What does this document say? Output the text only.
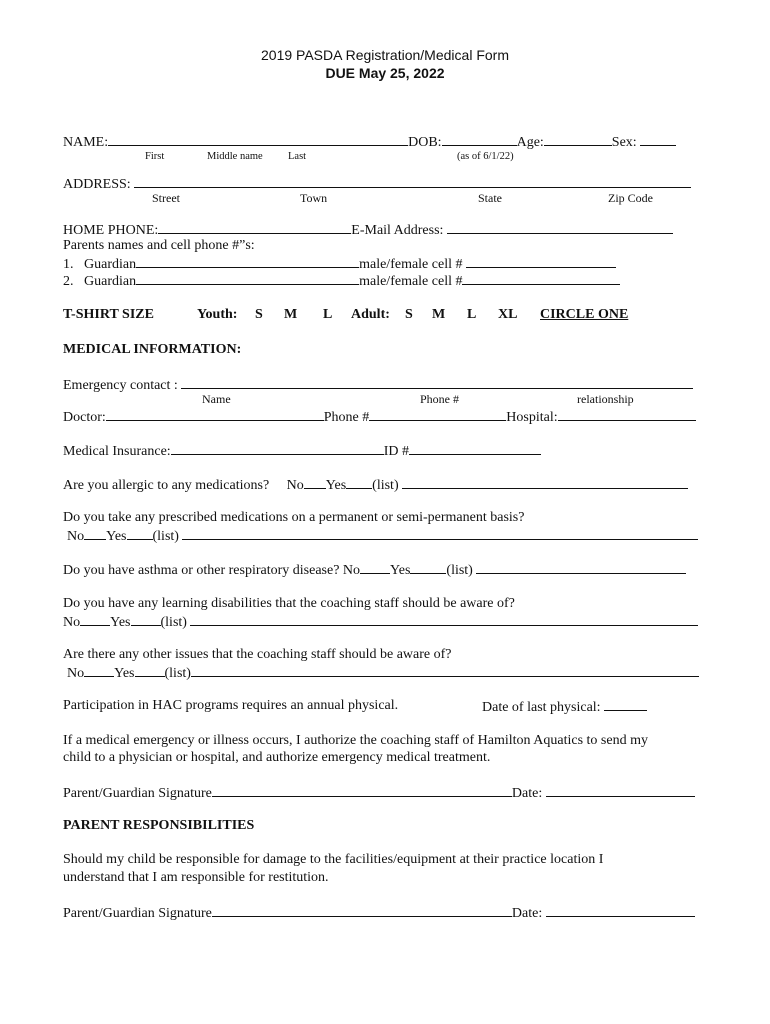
2019 PASDA Registration/Medical Form
DUE May 25, 2022
NAME:	DOB:	Age:	Sex:
First	Middle name Last	(as of 6/1/22)
ADDRESS:
Street	Town	State	Zip Code
HOME PHONE:	E-Mail Address:
Parents names and cell phone #”s:
1. Guardian	male/female cell #
2. Guardian	male/female cell #
T-SHIRT SIZE	Youth: S M L Adult: S M L XL CIRCLE ONE
MEDICAL INFORMATION:
Emergency contact :
Name	Phone #	relationship
Doctor:	Phone #	Hospital:
Medical Insurance:	ID #
Are you allergic to any medications? No Yes (list)
Do you take any prescribed medications on a permanent or semi-permanent basis?
No Yes (list)
Do you have asthma or other respiratory disease? No Yes	(list)
Do you have any learning disabilities that the coaching staff should be aware of?
No Yes (list)
Are there any other issues that the coaching staff should be aware of?
No Yes (list)
Participation in HAC programs requires an annual physical.	Date of last physical:
If a medical emergency or illness occurs, I authorize the coaching staff of Hamilton Aquatics to send my
child to a physician or hospital, and authorize emergency medical treatment.
Parent/Guardian Signature	Date:
PARENT RESPONSIBILITIES
Should my child be responsible for damage to the facilities/equipment at their practice location I
understand that I am responsible for restitution.
Parent/Guardian Signature	Date:
